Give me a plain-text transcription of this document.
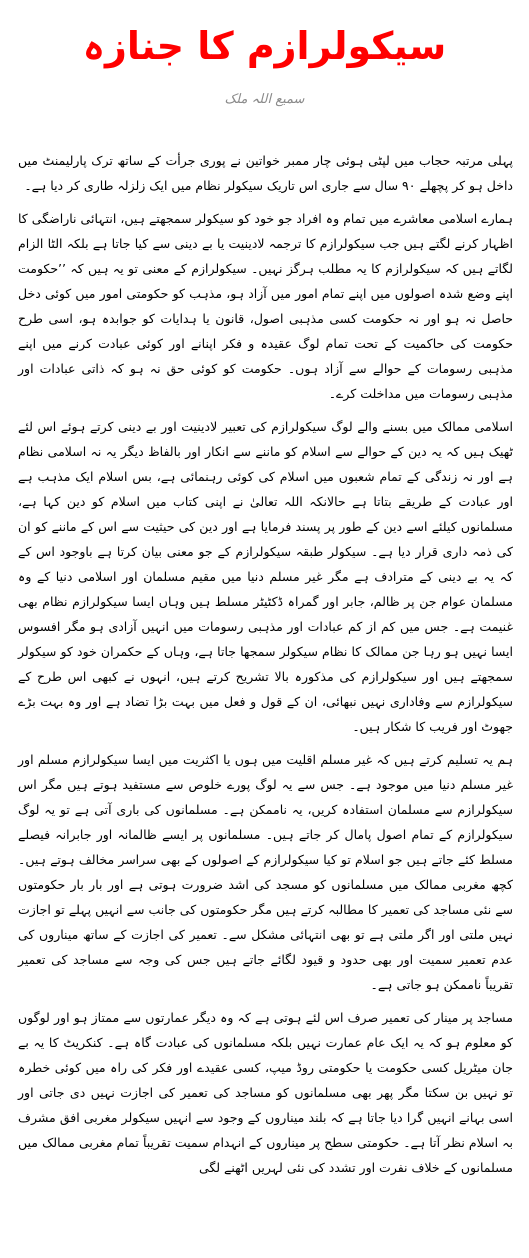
سیکولرازم کا جنازہ
سمیع اللہ ملک

پہلی مرتبہ حجاب میں لپٹی ہوئی چار ممبر خواتین نے پوری جرأت کے ساتھ ترک پارلیمنٹ میں داخل ہو کر پچھلے ۹۰ سال سے جاری اس تاریک سیکولر نظام میں ایک زلزلہ طاری کر دیا ہے۔

ہمارے اسلامی معاشرے میں تمام وہ افراد جو خود کو سیکولر سمجھتے ہیں، انتہائی ناراضگی کا اظہار کرنے لگتے ہیں جب سیکولرازم کا ترجمہ لادینیت یا بے دینی سے کیا جاتا ہے بلکہ الٹا الزام لگاتے ہیں کہ سیکولرازم کا یہ مطلب ہرگز نہیں۔ سیکولرازم کے معنی تو یہ ہیں کہ ’’حکومت اپنے وضع شدہ اصولوں میں اپنے تمام امور میں آزاد ہو، مذہب کو حکومتی امور میں کوئی دخل حاصل نہ ہو اور نہ حکومت کسی مذہبی اصول، قانون یا ہدایات کو جوابدہ ہو، اسی طرح حکومت کی حاکمیت کے تحت تمام لوگ عقیدہ و فکر اپنانے اور کوئی عبادت کرنے میں اپنے مذہبی رسومات کے حوالے سے آزاد ہوں۔ حکومت کو کوئی حق نہ ہو کہ ذاتی عبادات اور مذہبی رسومات میں مداخلت کرے۔

اسلامی ممالک میں بسنے والے لوگ سیکولرازم کی تعبیر لادینیت اور بے دینی کرتے ہوئے اس لئے ٹھیک ہیں کہ یہ دین کے حوالے سے اسلام کو ماننے سے انکار اور بالفاظ دیگر یہ نہ اسلامی نظام ہے اور نہ زندگی کے تمام شعبوں میں اسلام کی کوئی رہنمائی ہے، بس اسلام ایک مذہب ہے اور عبادت کے طریقے بتاتا ہے حالانکہ اللہ تعالیٰ نے اپنی کتاب میں اسلام کو دین کہا ہے، مسلمانوں کیلئے اسے دین کے طور پر پسند فرمایا ہے اور دین کی حیثیت سے اس کے ماننے کو ان کی ذمہ داری قرار دیا ہے۔ سیکولر طبقہ سیکولرازم کے جو معنی بیان کرتا ہے باوجود اس کے کہ یہ بے دینی کے مترادف ہے مگر غیر مسلم دنیا میں مقیم مسلمان اور اسلامی دنیا کے وہ مسلمان عوام جن پر ظالم، جابر اور گمراہ ڈکٹیٹر مسلط ہیں وہاں ایسا سیکولرازم نظام بھی غنیمت ہے۔ جس میں کم از کم عبادات اور مذہبی رسومات میں انہیں آزادی ہو مگر افسوس ایسا نہیں ہو رہا جن ممالک کا نظام سیکولر سمجھا جاتا ہے، وہاں کے حکمران خود کو سیکولر سمجھتے ہیں اور سیکولرازم کی مذکورہ بالا تشریح کرتے ہیں، انہوں نے کبھی اس طرح کے سیکولرازم سے وفاداری نہیں نبھائی، ان کے قول و فعل میں بہت بڑا تضاد ہے اور وہ بہت بڑے جھوٹ اور فریب کا شکار ہیں۔

ہم یہ تسلیم کرتے ہیں کہ غیر مسلم اقلیت میں ہوں یا اکثریت میں ایسا سیکولرازم مسلم اور غیر مسلم دنیا میں موجود ہے۔ جس سے یہ لوگ پورے خلوص سے مستفید ہوتے ہیں مگر اس سیکولرازم سے مسلمان استفادہ کریں، یہ ناممکن ہے۔ مسلمانوں کی باری آتی ہے تو یہ لوگ سیکولرازم کے تمام اصول پامال کر جاتے ہیں۔ مسلمانوں پر ایسے ظالمانہ اور جابرانہ فیصلے مسلط کئے جاتے ہیں جو اسلام تو کیا سیکولرازم کے اصولوں کے بھی سراسر مخالف ہوتے ہیں۔ کچھ مغربی ممالک میں مسلمانوں کو مسجد کی اشد ضرورت ہوتی ہے اور بار بار حکومتوں سے نئی مساجد کی تعمیر کا مطالبہ کرتے ہیں مگر حکومتوں کی جانب سے انہیں پہلے تو اجازت نہیں ملتی اور اگر ملتی ہے تو بھی انتہائی مشکل سے۔ تعمیر کی اجازت کے ساتھ میناروں کی عدم تعمیر سمیت اور بھی حدود و قیود لگائے جاتے ہیں جس کی وجہ سے مساجد کی تعمیر تقریباً ناممکن ہو جاتی ہے۔

مساجد پر مینار کی تعمیر صرف اس لئے ہوتی ہے کہ وہ دیگر عمارتوں سے ممتاز ہو اور لوگوں کو معلوم ہو کہ یہ ایک عام عمارت نہیں بلکہ مسلمانوں کی عبادت گاہ ہے۔ کنکریٹ کا یہ بے جان میٹریل کسی حکومت یا حکومتی روڈ میپ، کسی عقیدے اور فکر کی راہ میں کوئی خطرہ تو نہیں بن سکتا مگر پھر بھی مسلمانوں کو مساجد کی تعمیر کی اجازت نہیں دی جاتی اور اسی بہانے انہیں گرا دیا جاتا ہے کہ بلند میناروں کے وجود سے انہیں سیکولر مغربی افق مشرف بہ اسلام نظر آتا ہے۔ حکومتی سطح پر میناروں کے انہدام سمیت تقریباً تمام مغربی ممالک میں مسلمانوں کے خلاف نفرت اور تشدد کی نئی لہریں اٹھنے لگی
